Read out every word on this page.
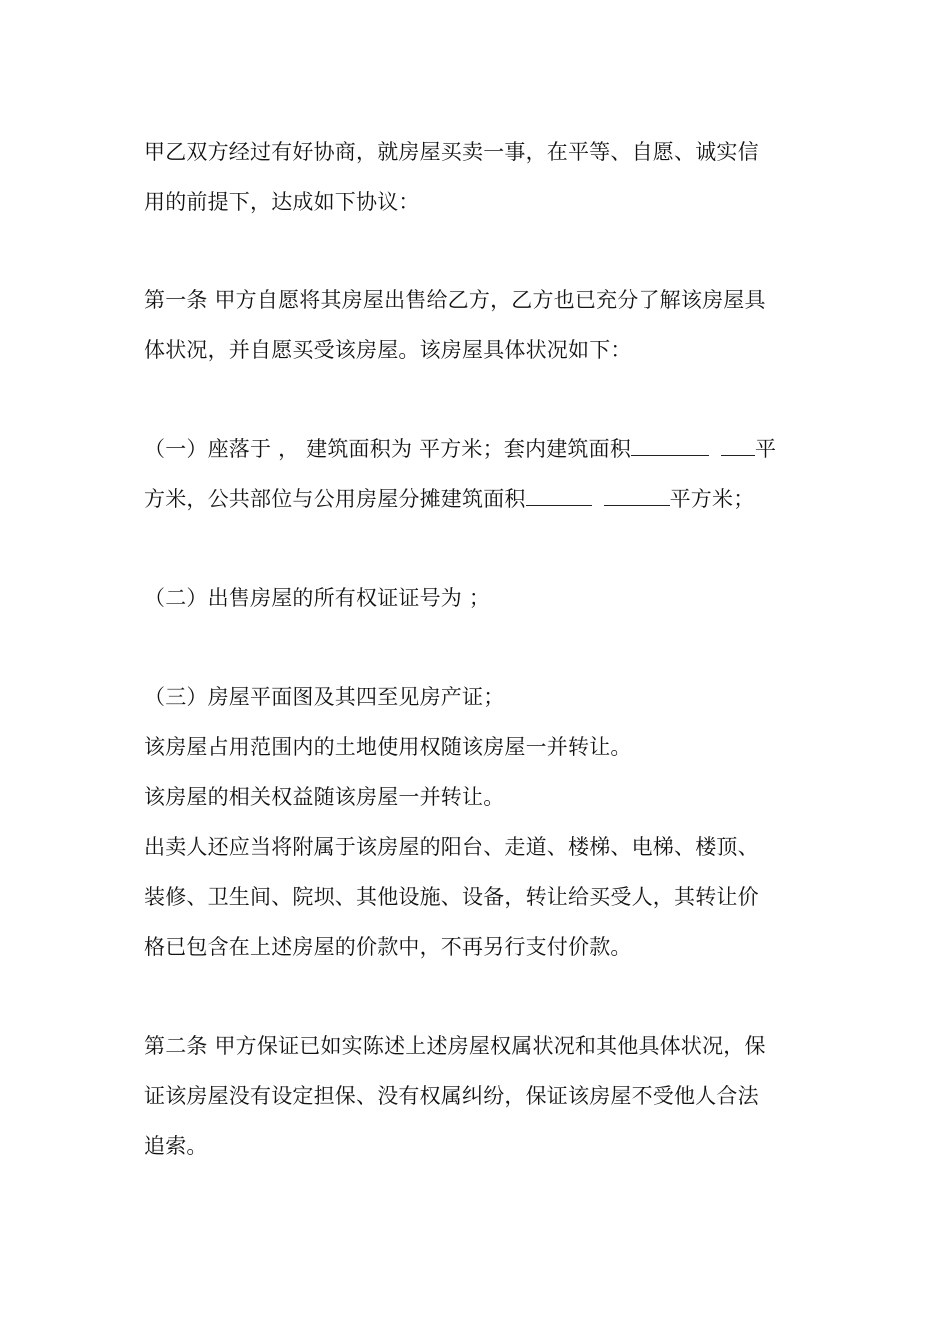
甲乙双方经过有好协商，就房屋买卖一事，在平等、自愿、诚实信
用的前提下，达成如下协议：
第一条 甲方自愿将其房屋出售给乙方，乙方也已充分了解该房屋具
体状况，并自愿买受该房屋。该房屋具体状况如下：
（一）座落于 ， 建筑面积为 平方米；套内建筑面积	平
方米，公共部位与公用房屋分摊建筑面积	平方米；
（二）出售房屋的所有权证证号为 ；
（三）房屋平面图及其四至见房产证；
该房屋占用范围内的土地使用权随该房屋一并转让。
该房屋的相关权益随该房屋一并转让。
出卖人还应当将附属于该房屋的阳台、走道、楼梯、电梯、楼顶、
装修、卫生间、院坝、其他设施、设备，转让给买受人，其转让价
格已包含在上述房屋的价款中，不再另行支付价款。
第二条 甲方保证已如实陈述上述房屋权属状况和其他具体状况，保
证该房屋没有设定担保、没有权属纠纷，保证该房屋不受他人合法
追索。
